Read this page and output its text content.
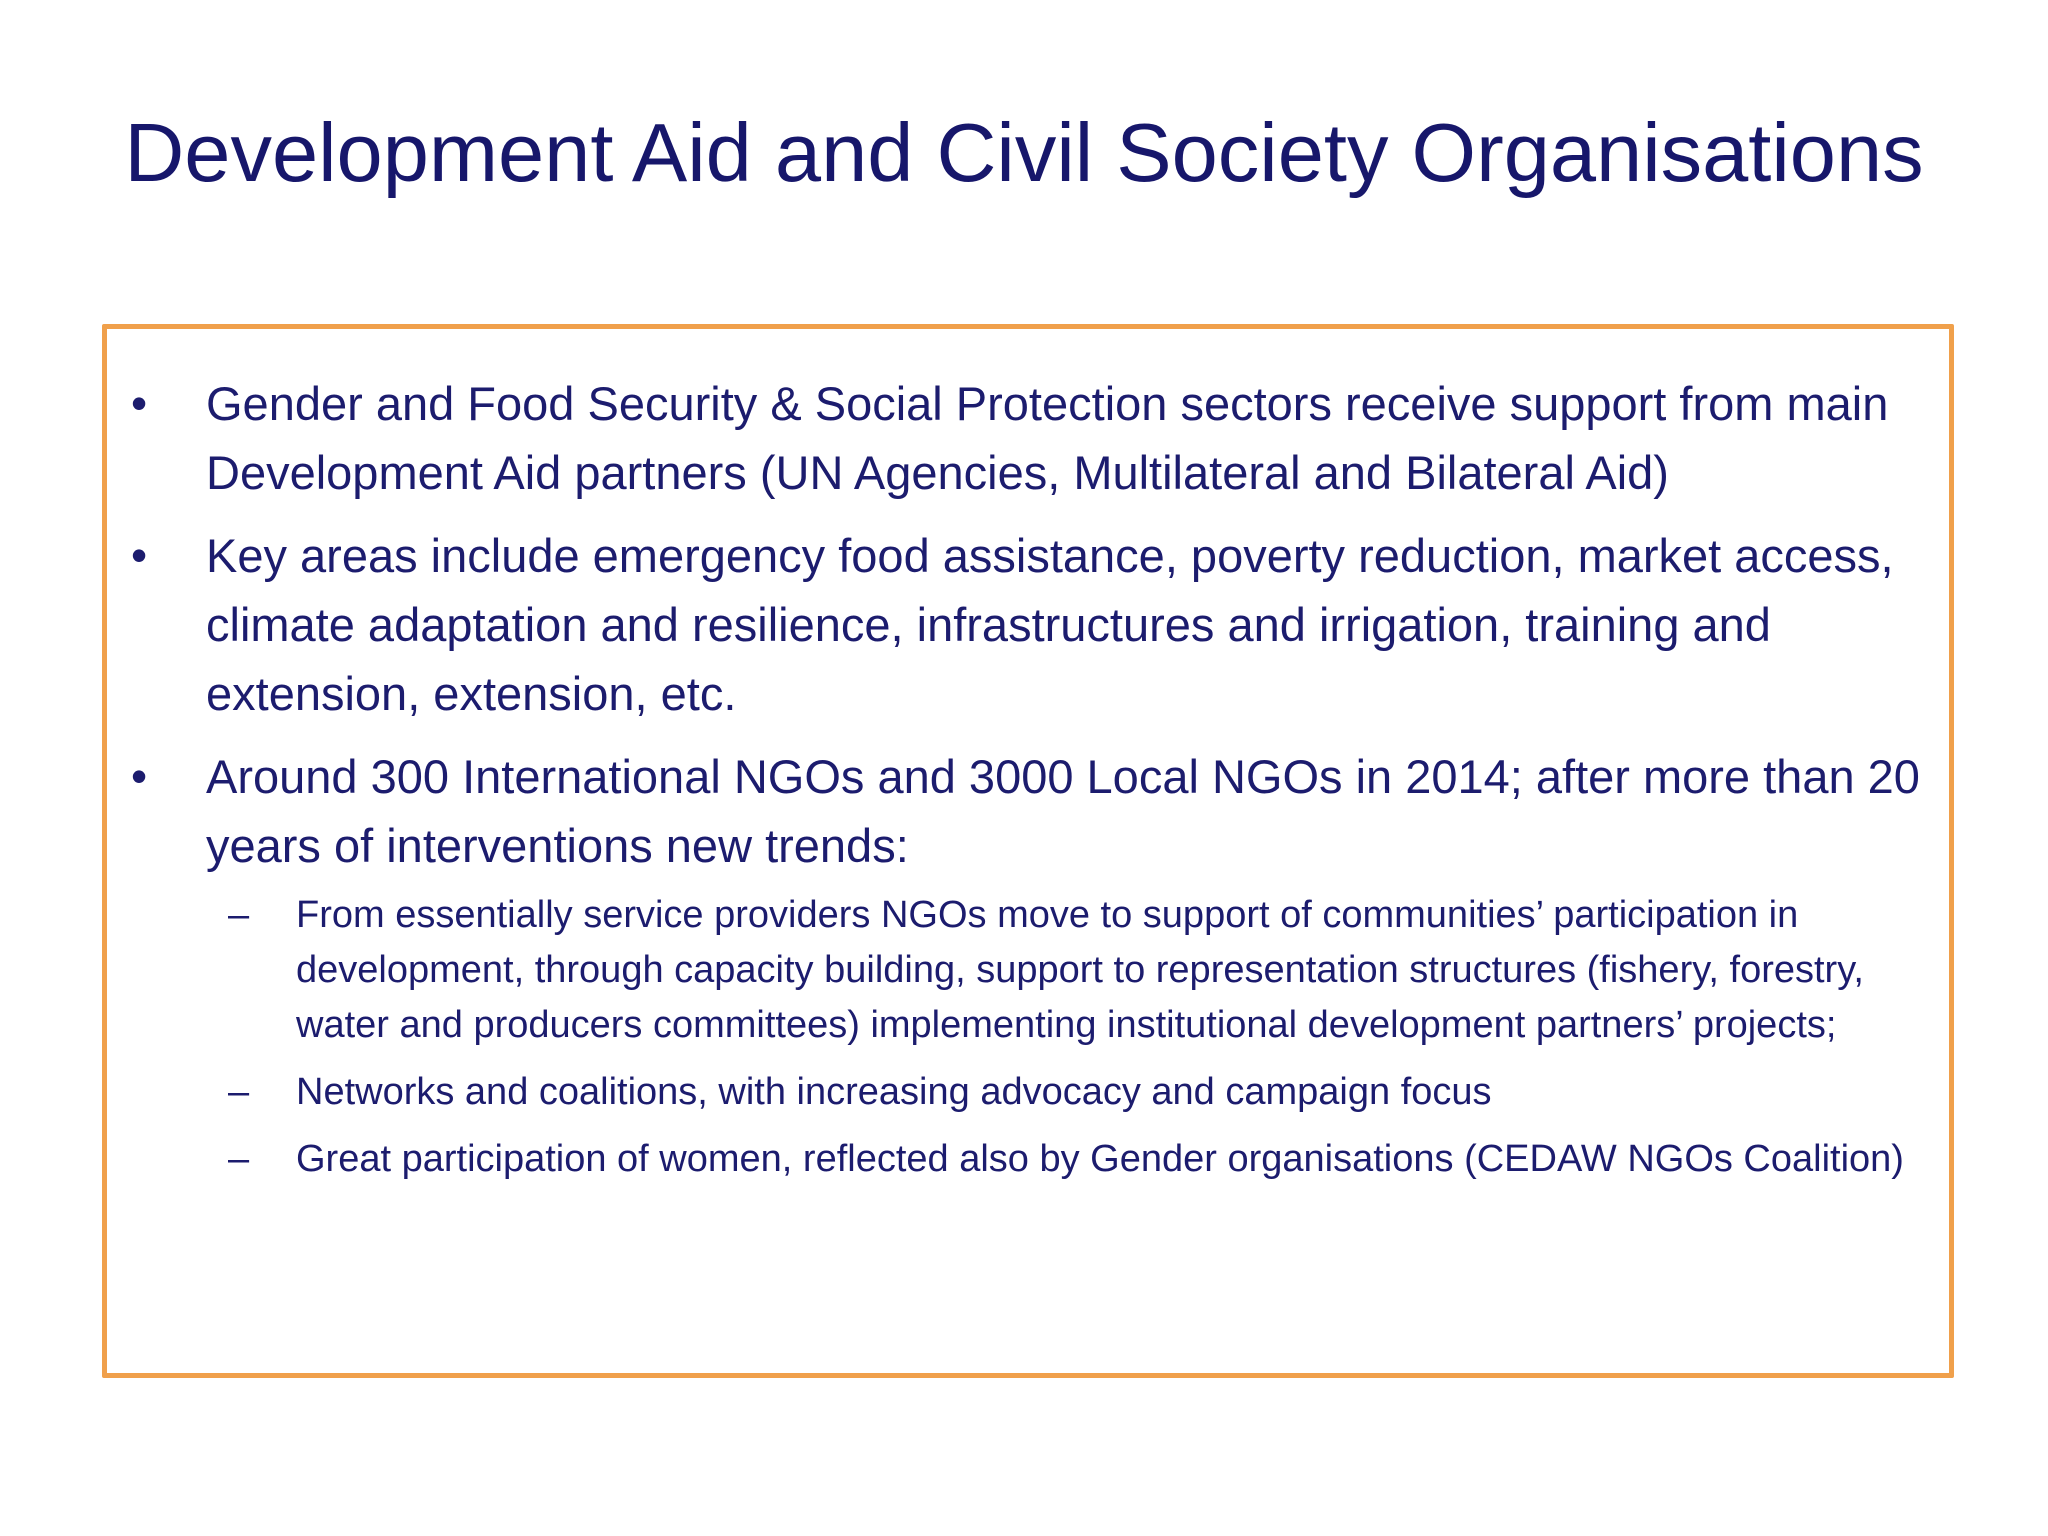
Development Aid and Civil Society Organisations
• Gender and Food Security & Social Protection sectors receive support from main Development Aid partners (UN Agencies, Multilateral and Bilateral Aid)
• Key areas include emergency food assistance, poverty reduction, market access, climate adaptation and resilience, infrastructures and irrigation, training and extension, extension, etc.
• Around 300 International NGOs and 3000 Local NGOs in 2014; after more than 20 years of interventions new trends:
– From essentially service providers NGOs move to support of communities’ participation in development, through capacity building, support to representation structures (fishery, forestry, water and producers committees) implementing institutional development partners’ projects;
– Networks and coalitions, with increasing advocacy and campaign focus
– Great participation of women, reflected also by Gender organisations (CEDAW NGOs Coalition)
